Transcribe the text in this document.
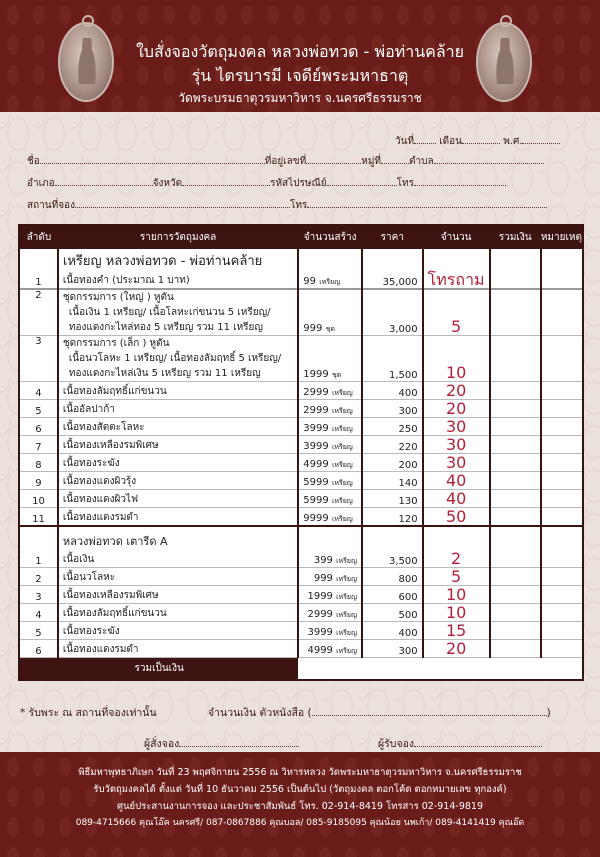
ใบสั่งจองวัตถุมงคล หลวงพ่อทวด - พ่อท่านคล้าย
รุ่น ไตรบารมี เจดีย์พระมหาธาตุ
วัดพระบรมธาตุวรมหาวิหาร จ.นครศรีธรรมราช
วันที่	เดือน	พ.ศ.
ชื่อ	ที่อยู่เลขที่	หมู่ที่	ตำบล
อำเภอ	จังหวัด	รหัสไปรษณีย์	โทร
สถานที่จอง	โทร
ลำดับ	รายการวัตถุมงคล	จำนวนสร้าง	ราคา	จำนวน	รวมเงิน	หมายเหตุ
	เหรียญ หลวงพ่อทวด - พ่อท่านคล้าย					
1	เนื้อทองคำ (ประมาณ 1 บาท)	99 เหรียญ	35,000	โทรถาม		
2	ชุดกรรมการ (ใหญ่ ) หูตัน
เนื้อเงิน 1 เหรียญ/ เนื้อโลหะเก่ขนวน 5 เหรียญ/
ทองแดงกะไหล่ทอง 5 เหรียญ รวม 11 เหรียญ	999 ชุด	3,000	5		
3	ชุดกรรมการ (เล็ก ) หูตัน
เนื้อนวโลหะ 1 เหรียญ/ เนื้อทองลัมฤทธิ์ 5 เหรียญ/
ทองแดงกะไหล่เงิน 5 เหรียญ รวม 11 เหรียญ	1999 ชุด	1,500	10		
4	เนื้อทองลัมฤทธิ์แก่ขนวน	2999 เหรียญ	400	20		
5	เนื้ออัลปาก้า	2999 เหรียญ	300	20		
6	เนื้อทองสัตตะโลหะ	3999 เหรียญ	250	30		
7	เนื้อทองเหลืองรมพิเศษ	3999 เหรียญ	220	30		
8	เนื้อทองระฆัง	4999 เหรียญ	200	30		
9	เนื้อทองแดงผิวรุ้ง	5999 เหรียญ	140	40		
10	เนื้อทองแดงผิวไฟ	5999 เหรียญ	130	40		
11	เนื้อทองแดงรมดำ	9999 เหรียญ	120	50		
	หลวงพ่อทวด เตารีด A					
1	เนื้อเงิน	399 เหรียญ	3,500	2		
2	เนื้อนวโลหะ	999 เหรียญ	800	5		
3	เนื้อทองเหลืองรมพิเศษ	1999 เหรียญ	600	10		
4	เนื้อทองลัมฤทธิ์แก่ขนวน	2999 เหรียญ	500	10		
5	เนื้อทองระฆัง	3999 เหรียญ	400	15		
6	เนื้อทองแดงรมดำ	4999 เหรียญ	300	20		
รวมเป็นเงิน						
* รับพระ ณ สถานที่จองเท่านั้น	จำนวนเงิน ตัวหนังสือ (	)
ผู้สั่งจอง	ผู้รับจอง
พิธีมหาพุทธาภิเษก วันที่ 23 พฤศจิกายน 2556 ณ วิหารหลวง วัดพระมหาธาตุวรมหาวิหาร จ.นครศรีธรรมราช
รับวัตถุมงคลได้ ตั้งแต่ วันที่ 10 ธันวาคม 2556 เป็นต้นไป (วัตถุมงคล ตอกโค้ด ตอกหมายเลข ทุกองค์)
ศูนย์ประสานงานการจอง และประชาสัมพันธ์ โทร. 02-914-8419 โทรสาร 02-914-9819
089-4715666 คุณโอ๊ค นครศรี/ 087-0867886 คุณบอล/ 085-9185095 คุณน้อย นพเก้า/ 089-4141419 คุณอ๊ด
